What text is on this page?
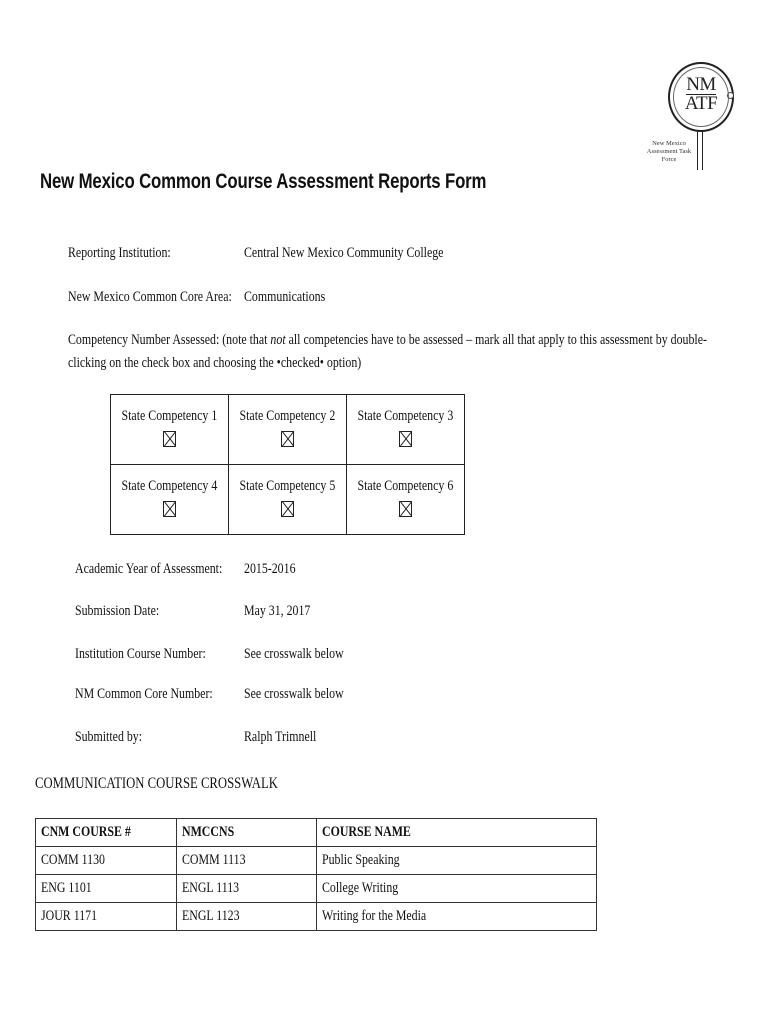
NM
ATF
New Mexico Assessment Task Force
New Mexico Common Course Assessment Reports Form
Reporting Institution:	Central New Mexico Community College
New Mexico Common Core Area: Communications
Competency Number Assessed: (note that not all competencies have to be assessed – mark all that apply to this assessment by double-clicking on the check box and choosing the •checked• option)
State Competency 1	State Competency 2	State Competency 3

State Competency 4	State Competency 5	State Competency 6
Academic Year of Assessment:	2015-2016
Submission Date:	May 31, 2017
Institution Course Number:	See crosswalk below
NM Common Core Number:	See crosswalk below
Submitted by:	Ralph Trimnell
COMMUNICATION COURSE CROSSWALK
CNM COURSE #	NMCCNS	COURSE NAME
COMM 1130	COMM 1113	Public Speaking
ENG 1101	ENGL 1113	College Writing
JOUR 1171	ENGL 1123	Writing for the Media
